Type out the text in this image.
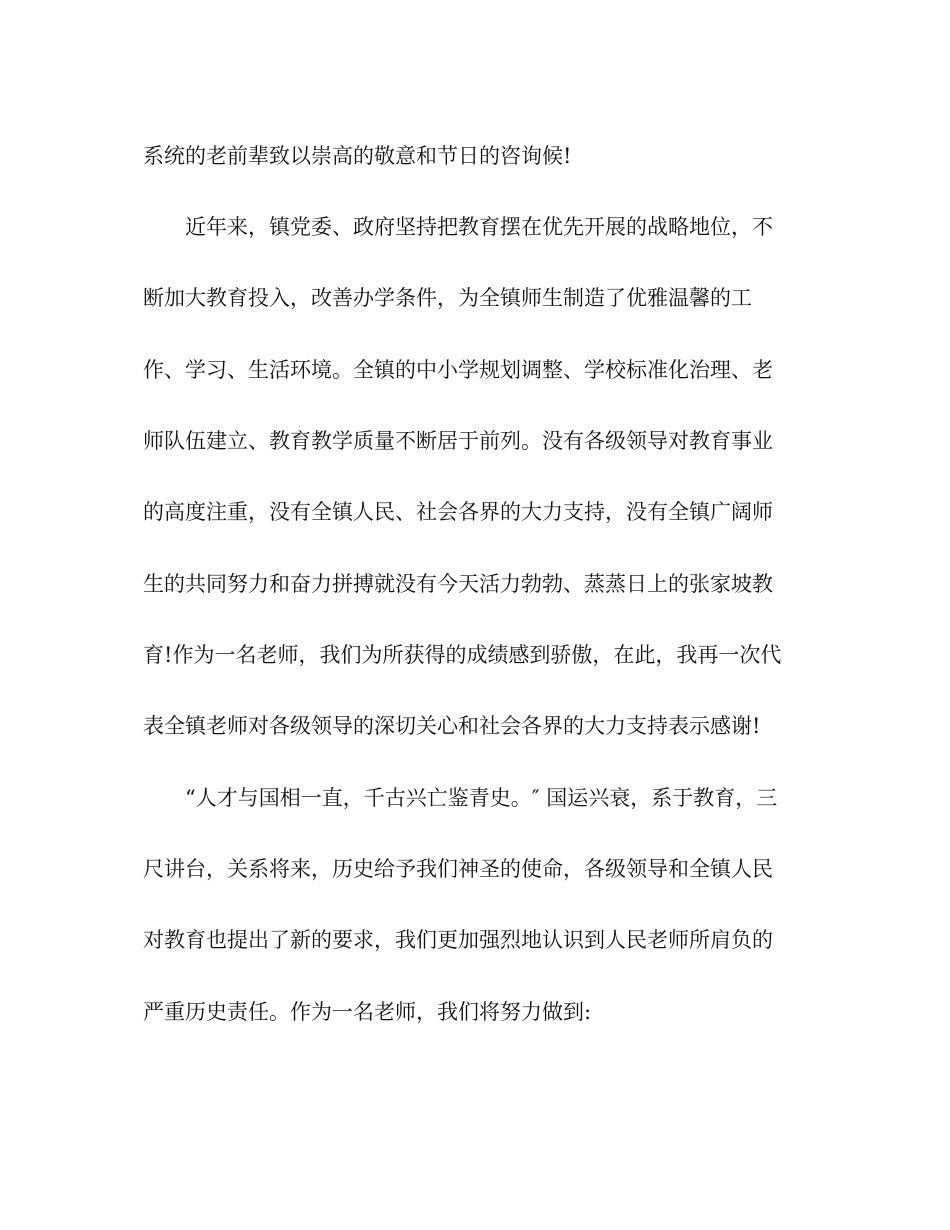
系统的老前辈致以崇高的敬意和节日的咨询候!
近年来，镇党委、政府坚持把教育摆在优先开展的战略地位，不
断加大教育投入，改善办学条件，为全镇师生制造了优雅温馨的工
作、学习、生活环境。全镇的中小学规划调整、学校标准化治理、老
师队伍建立、教育教学质量不断居于前列。没有各级领导对教育事业
的高度注重，没有全镇人民、社会各界的大力支持，没有全镇广阔师
生的共同努力和奋力拼搏就没有今天活力勃勃、蒸蒸日上的张家坡教
育!作为一名老师，我们为所获得的成绩感到骄傲，在此，我再一次代
表全镇老师对各级领导的深切关心和社会各界的大力支持表示感谢!
“人才与国相一直，千古兴亡鉴青史。″ 国运兴衰，系于教育，三
尺讲台，关系将来，历史给予我们神圣的使命，各级领导和全镇人民
对教育也提出了新的要求，我们更加强烈地认识到人民老师所肩负的
严重历史责任。作为一名老师，我们将努力做到:
